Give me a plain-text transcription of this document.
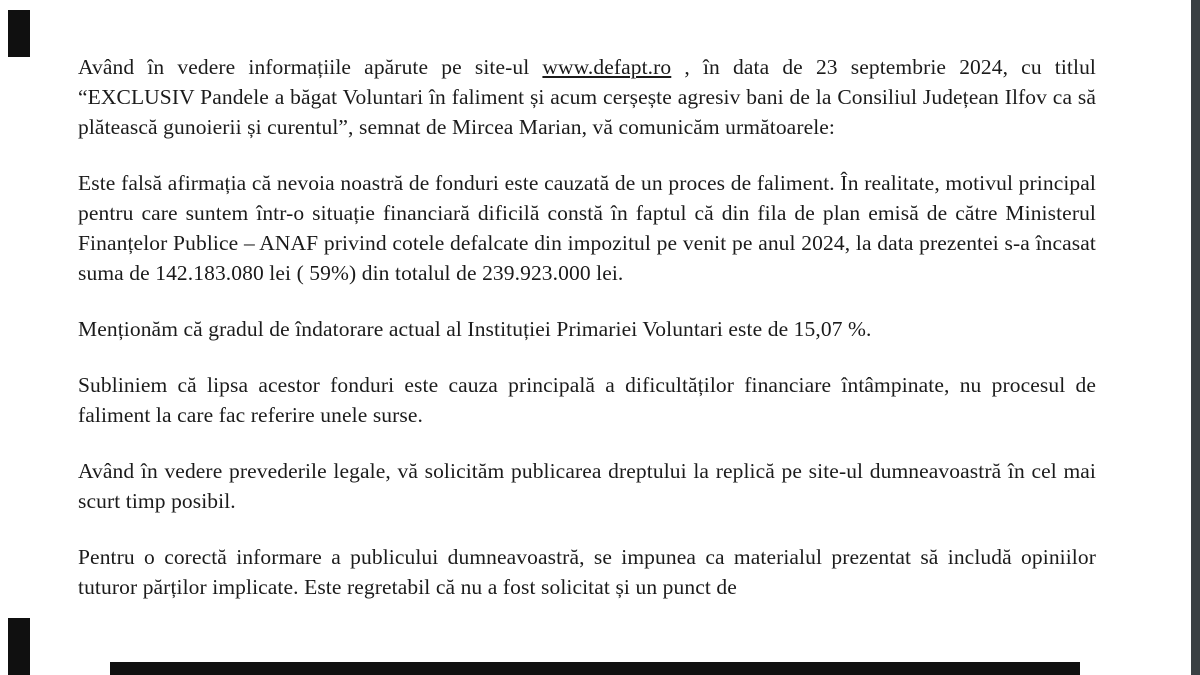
Având în vedere informațiile apărute pe site-ul www.defapt.ro , în data de 23 septembrie 2024, cu titlul “EXCLUSIV Pandele a băgat Voluntari în faliment și acum cerșește agresiv bani de la Consiliul Județean Ilfov ca să plătească gunoierii și curentul”, semnat de Mircea Marian, vă comunicăm următoarele:

Este falsă afirmația că nevoia noastră de fonduri este cauzată de un proces de faliment. În realitate, motivul principal pentru care suntem într-o situație financiară dificilă constă în faptul că din fila de plan emisă de către Ministerul Finanțelor Publice – ANAF privind cotele defalcate din impozitul pe venit pe anul 2024, la data prezentei s-a încasat suma de 142.183.080 lei ( 59%) din totalul de 239.923.000 lei.

Menționăm că gradul de îndatorare actual al Instituției Primariei Voluntari este de 15,07 %.

Subliniem că lipsa acestor fonduri este cauza principală a dificultăților financiare întâmpinate, nu procesul de faliment la care fac referire unele surse.

Având în vedere prevederile legale, vă solicităm publicarea dreptului la replică pe site-ul dumneavoastră în cel mai scurt timp posibil.

Pentru o corectă informare a publicului dumneavoastră, se impunea ca materialul prezentat să includă opiniilor tuturor părților implicate. Este regretabil că nu a fost solicitat și un punct de
